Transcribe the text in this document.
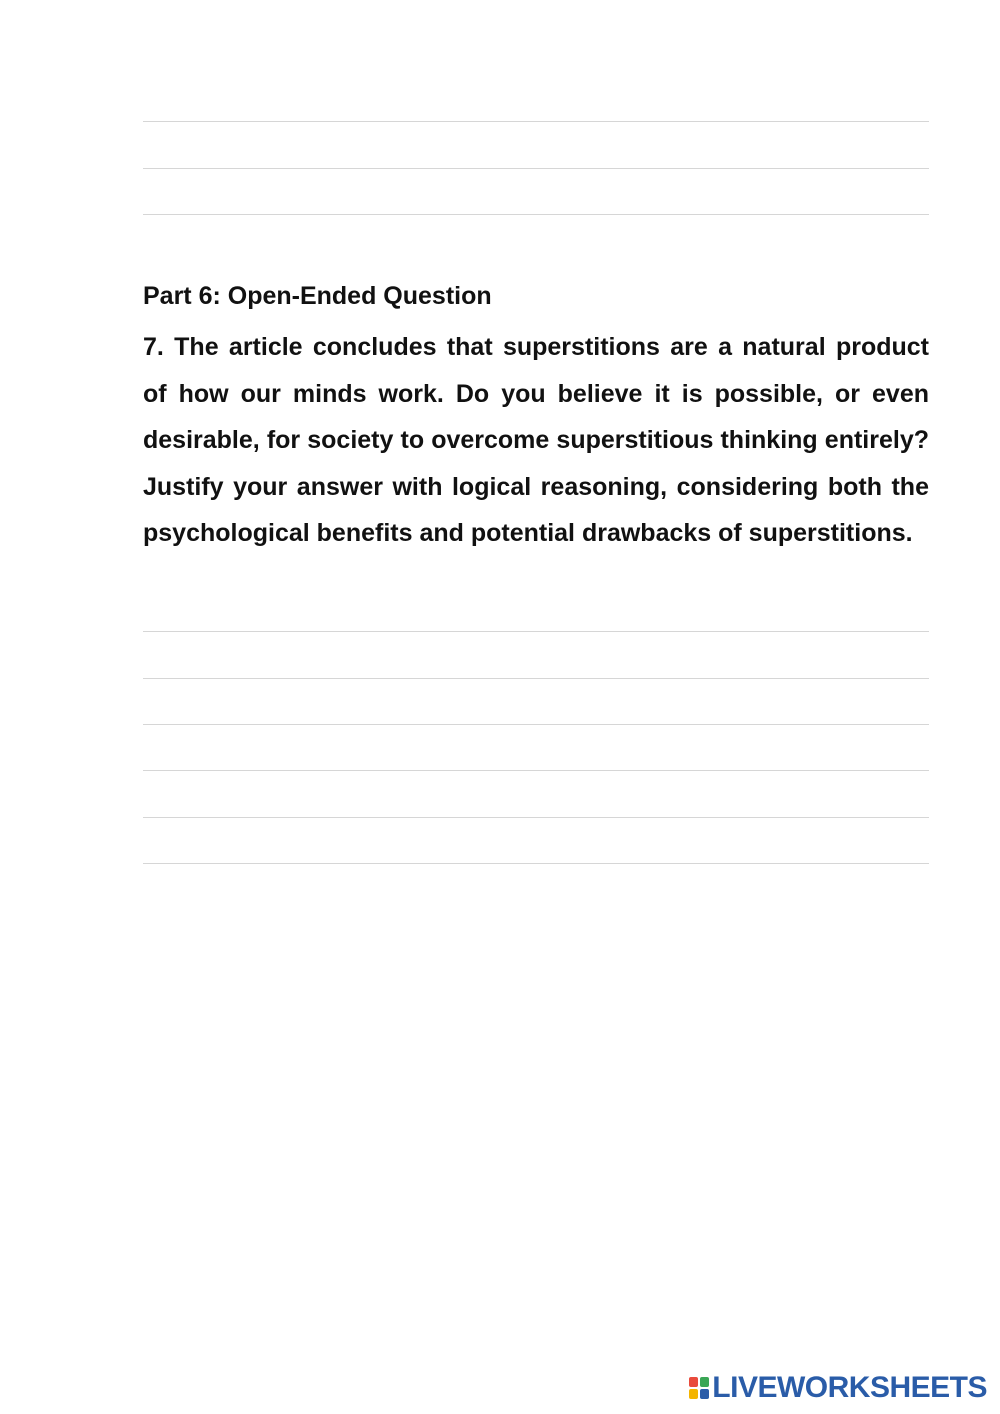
Part 6: Open-Ended Question

7. The article concludes that superstitions are a natural product of how our minds work. Do you believe it is possible, or even desirable, for society to overcome superstitious thinking entirely? Justify your answer with logical reasoning, considering both the psychological benefits and potential drawbacks of superstitions.

LIVEWORKSHEETS
